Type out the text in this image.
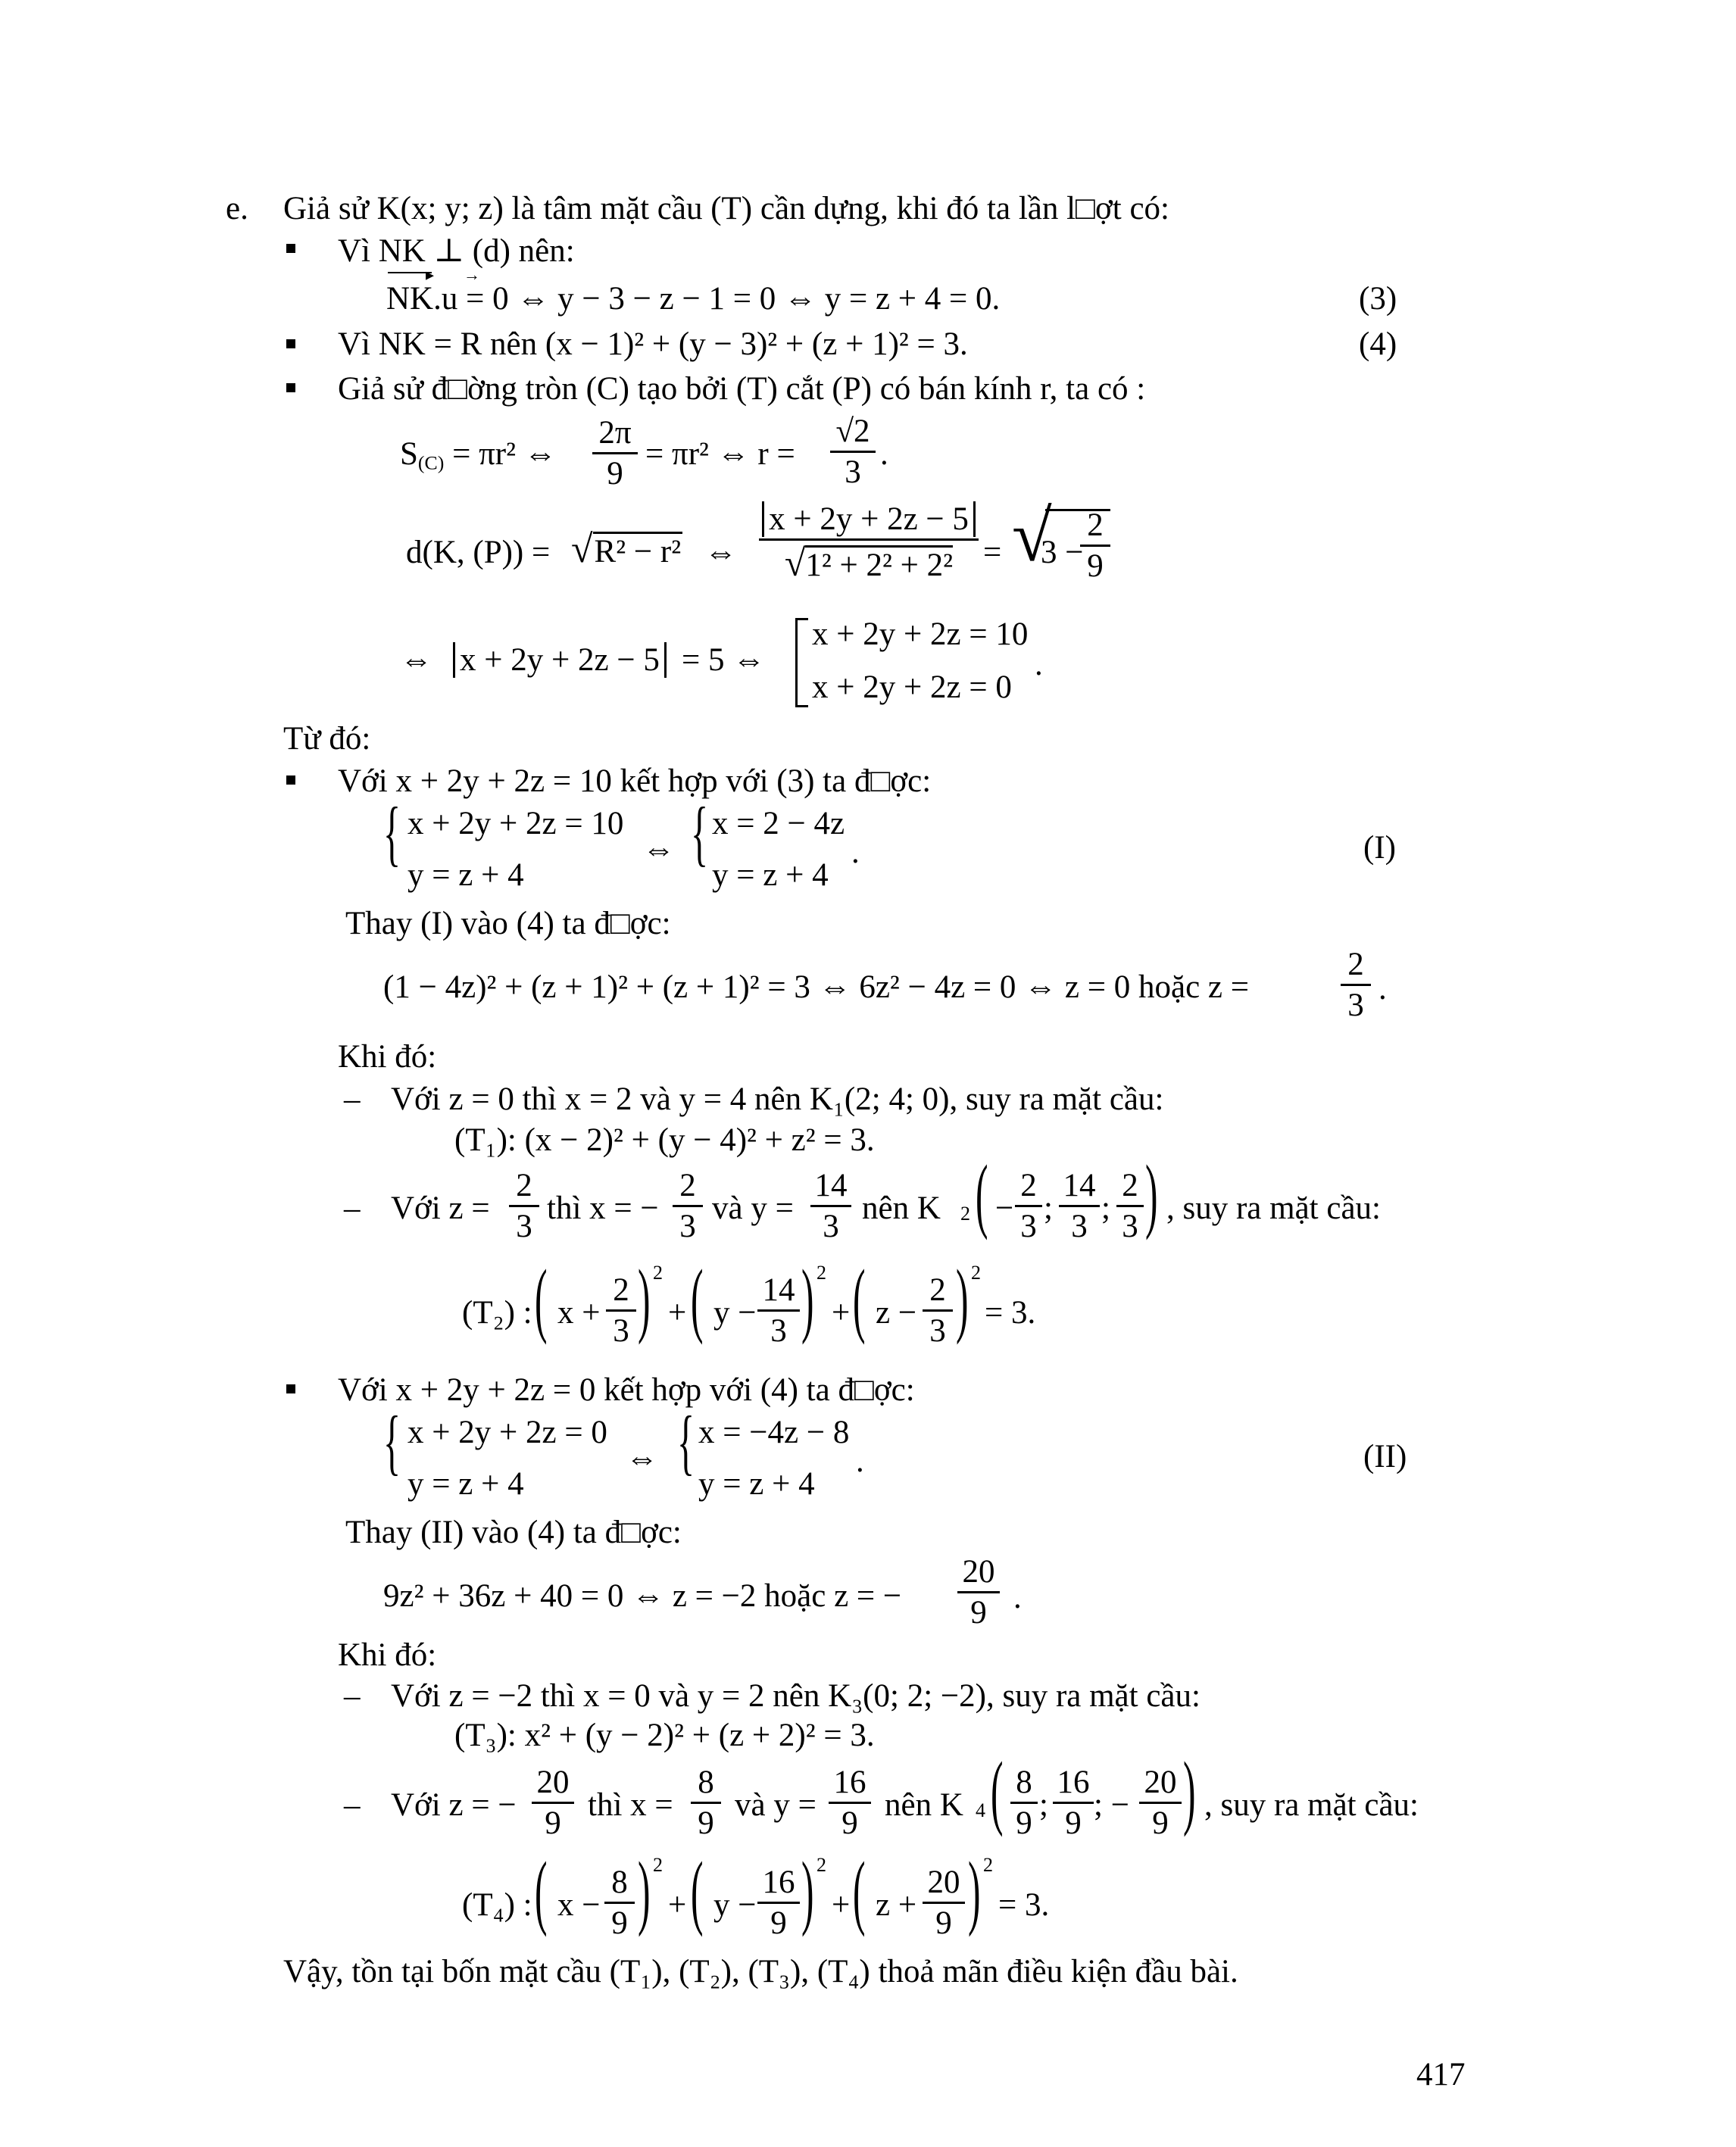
e. Giả sử K(x; y; z) là tâm mặt cầu (T) cần dựng, khi đó ta lần l□ợt có:
Vì NK ⊥ (d) nên:
▸ →
NK.u = 0 ⇔ y − 3 − z − 1 = 0 ⇔ y = z + 4 = 0.	(3)
Vì NK = R nên (x − 1)² + (y − 3)² + (z + 1)² = 3.	(4)
Giả sử đ□ờng tròn (C) tạo bởi (T) cắt (P) có bán kính r, ta có :
$S_{(C)} = \pi r^2$ ⇔
2π
9
= πr² ⇔ r =
√2
3
.
d(K, (P)) = √R² − r² ⇔
x + 2y + 2z − 5
√1² + 2² + 2² = √
3 −
2
9
⇔ x + 2y + 2z − 5 = 5 ⇔
x + 2y + 2z = 10
x + 2y + 2z = 0
.
Từ đó:
Với x + 2y + 2z = 10 kết hợp với (3) ta đ□ợc:
{ x + 2y + 2z = 10
y = z + 4
⇔ { x = 2 − 4z
y = z + 4
.	(I)
Thay (I) vào (4) ta đ□ợc:
(1 − 4z)² + (z + 1)² + (z + 1)² = 3 ⇔ 6z² − 4z = 0 ⇔ z = 0 hoặc z =
2
3 .
Khi đó:
– Với z = 0 thì x = 2 và y = 4 nên K₁(2; 4; 0), suy ra mặt cầu:
(T₁): (x − 2)² + (y − 4)² + z² = 3.
– Với z =
2
3
thì x = −
2
3
và y =
14
3
nên K 2 ( −
2
3
;
14
3
;
2
3 ) , suy ra mặt cầu:
(T₂) : ( x +
2
3 ) 2
+ ( y −
14
3 ) 2
+ ( z −
2
3 ) 2
= 3.
Với x + 2y + 2z = 0 kết hợp với (4) ta đ□ợc:
{ x + 2y + 2z = 0
y = z + 4
⇔ { x = −4z − 8
y = z + 4
.	(II)
Thay (II) vào (4) ta đ□ợc:
9z² + 36z + 40 = 0 ⇔ z = −2 hoặc z = −
20
9 .
Khi đó:
– Với z = −2 thì x = 0 và y = 2 nên K₃(0; 2; −2), suy ra mặt cầu:
(T₃): x² + (y − 2)² + (z + 2)² = 3.
– Với z = −
20
9
thì x =
8
9
và y =
16
9
nên K 4 ( 8
9
;
16
9
; −
20
9 ) , suy ra mặt cầu:
(T₄) : ( x −
8
9 ) 2
+ ( y −
16
9 ) 2
+ ( z +
20
9 ) 2
= 3.
Vậy, tồn tại bốn mặt cầu (T₁), (T₂), (T₃), (T₄) thoả mãn điều kiện đầu bài.
417
